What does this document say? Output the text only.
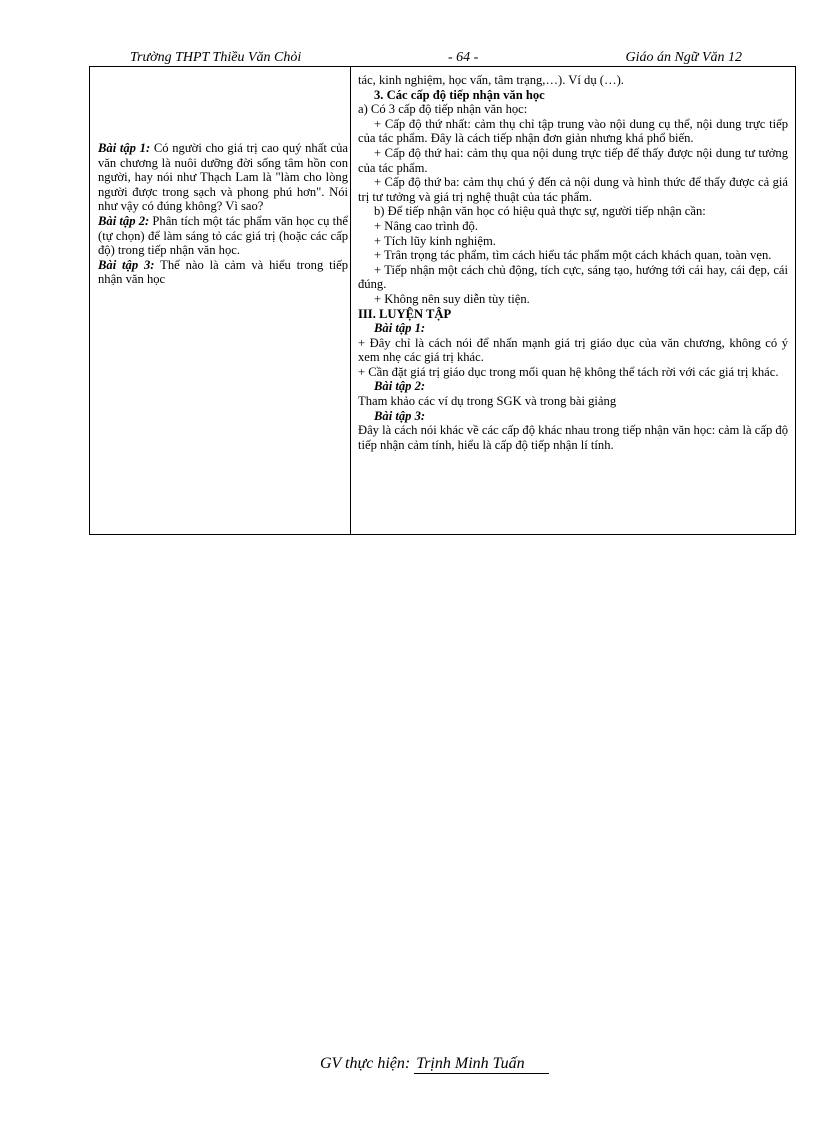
Trường THPT Thiều Văn Chỏi	- 64 -	Giáo án Ngữ Văn 12

Bài tập 1: Có người cho giá trị cao quý nhất của văn chương là nuôi dưỡng đời sống tâm hồn con người, hay nói như Thạch Lam là "làm cho lòng người được trong sạch và phong phú hơn". Nói như vậy có đúng không? Vì sao?

Bài tập 2: Phân tích một tác phẩm văn học cụ thể (tự chọn) để làm sáng tỏ các giá trị (hoặc các cấp độ) trong tiếp nhận văn học.

Bài tập 3: Thế nào là cảm và hiểu trong tiếp nhận văn học

tác, kinh nghiệm, học vấn, tâm trạng,…). Ví dụ (…).

3. Các cấp độ tiếp nhận văn học

a) Có 3 cấp độ tiếp nhận văn học:

+ Cấp độ thứ nhất: cảm thụ chỉ tập trung vào nội dung cụ thể, nội dung trực tiếp của tác phẩm. Đây là cách tiếp nhận đơn giản nhưng khá phổ biến.

+ Cấp độ thứ hai: cảm thụ qua nội dung trực tiếp để thấy được nội dung tư tưởng của tác phẩm.

+ Cấp độ thứ ba: cảm thụ chú ý đến cả nội dung và hình thức để thấy được cả giá trị tư tưởng và giá trị nghệ thuật của tác phẩm.

b) Để tiếp nhận văn học có hiệu quả thực sự, người tiếp nhận cần:

+ Nâng cao trình độ.

+ Tích lũy kinh nghiệm.

+ Trân trọng tác phẩm, tìm cách hiểu tác phẩm một cách khách quan, toàn vẹn.

+ Tiếp nhận một cách chủ động, tích cực, sáng tạo, hướng tới cái hay, cái đẹp, cái đúng.

+ Không nên suy diễn tùy tiện.

III. LUYỆN TẬP

Bài tập 1:

+ Đây chỉ là cách nói để nhấn mạnh giá trị giáo dục của văn chương, không có ý xem nhẹ các giá trị khác.

+ Cần đặt giá trị giáo dục trong mối quan hệ không thể tách rời với các giá trị khác.

Bài tập 2:

Tham khảo các ví dụ trong SGK và trong bài giảng

Bài tập 3:

Đây là cách nói khác về các cấp độ khác nhau trong tiếp nhận văn học: cảm là cấp độ tiếp nhận cảm tính, hiểu là cấp độ tiếp nhận lí tính.

GV thực hiện: Trịnh Minh Tuấn
